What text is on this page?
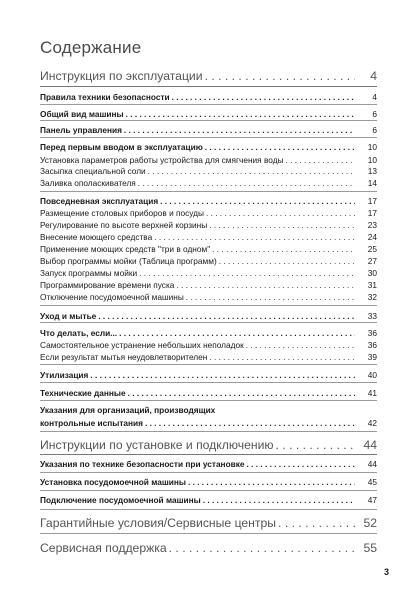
Содержание
Инструкция по эксплуатации . . .	4
Правила техники безопасности . . .	4
Общий вид машины . . .	6
Панель управления . . .	6
Перед первым вводом в эксплуатацию . . .	10
Установка параметров работы устройства для смягчения воды . . .	10
Засыпка специальной соли . . .	13
Заливка ополаскивателя . . .	14
Повседневная эксплуатация . . .	17
Размещение столовых приборов и посуды . . .	17
Регулирование по высоте верхней корзины . . .	23
Внесение моющего средства . . .	24
Применение моющих средств "три в одном" . . .	25
Выбор программы мойки (Таблица программ) . . .	27
Запуск программы мойки . . .	30
Программирование времени пуска . . .	31
Отключение посудомоечной машины . . .	32
Уход и мытье . . .	33
Что делать, если... . . .	36
Самостоятельное устранение небольших неполадок . . .	36
Если результат мытья неудовлетворителен . . .	39
Утилизация . . .	40
Технические данные . . .	41
Указания для организаций, производящих
контрольные испытания . . .	42
Инструкции по установке и подключению . . .	44
Указания по технике безопасности при установке . . .	44
Установка посудомоечной машины . . .	45
Подключение посудомоечной машины . . .	47
Гарантийные условия/Сервисные центры . . .	52
Сервисная поддержка . . .	55
3
